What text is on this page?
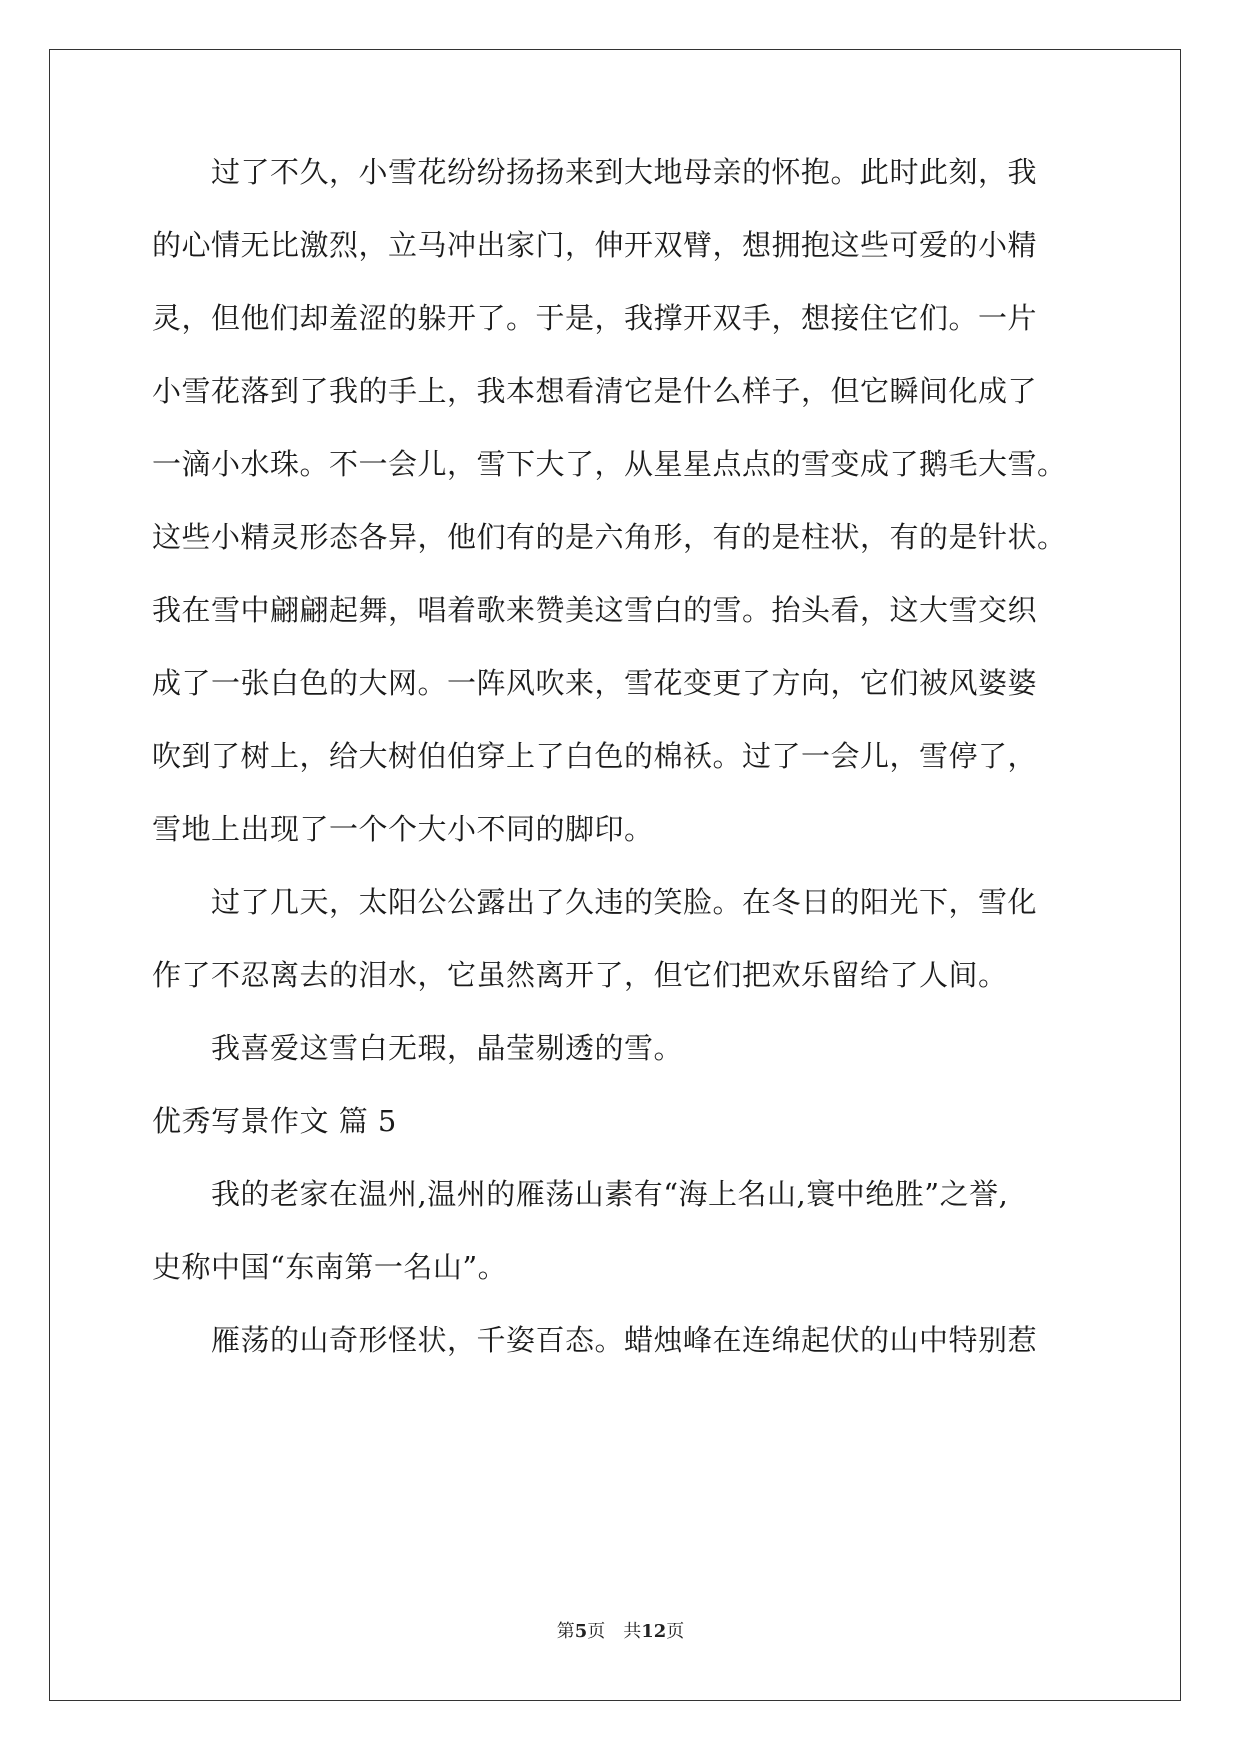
　　过了不久，小雪花纷纷扬扬来到大地母亲的怀抱。此时此刻，我
的心情无比激烈，立马冲出家门，伸开双臂，想拥抱这些可爱的小精
灵，但他们却羞涩的躲开了。于是，我撑开双手，想接住它们。一片
小雪花落到了我的手上，我本想看清它是什么样子，但它瞬间化成了
一滴小水珠。不一会儿，雪下大了，从星星点点的雪变成了鹅毛大雪。
这些小精灵形态各异，他们有的是六角形，有的是柱状，有的是针状。
我在雪中翩翩起舞，唱着歌来赞美这雪白的雪。抬头看，这大雪交织
成了一张白色的大网。一阵风吹来，雪花变更了方向，它们被风婆婆
吹到了树上，给大树伯伯穿上了白色的棉袄。过了一会儿，雪停了，
雪地上出现了一个个大小不同的脚印。
　　过了几天，太阳公公露出了久违的笑脸。在冬日的阳光下，雪化
作了不忍离去的泪水，它虽然离开了，但它们把欢乐留给了人间。
　　我喜爱这雪白无瑕，晶莹剔透的雪。
优秀写景作文 篇 5
　　我的老家在温州,温州的雁荡山素有“海上名山,寰中绝胜”之誉,
史称中国“东南第一名山”。
　　雁荡的山奇形怪状，千姿百态。蜡烛峰在连绵起伏的山中特别惹
第5页　共12页
